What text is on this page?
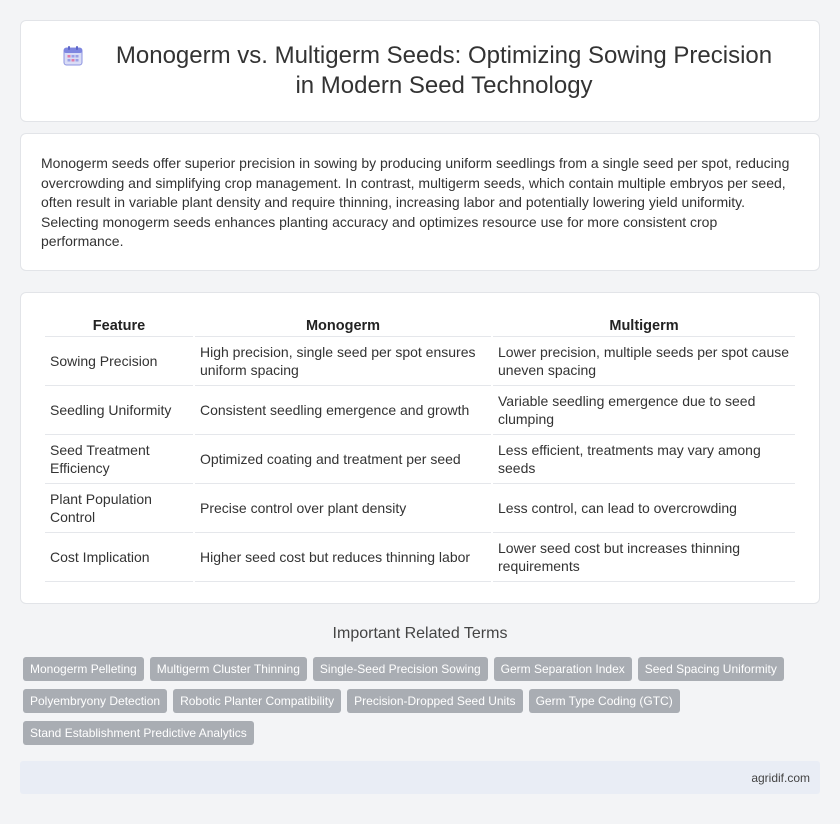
Monogerm vs. Multigerm Seeds: Optimizing Sowing Precision in Modern Seed Technology

Monogerm seeds offer superior precision in sowing by producing uniform seedlings from a single seed per spot, reducing overcrowding and simplifying crop management. In contrast, multigerm seeds, which contain multiple embryos per seed, often result in variable plant density and require thinning, increasing labor and potentially lowering yield uniformity. Selecting monogerm seeds enhances planting accuracy and optimizes resource use for more consistent crop performance.

Feature	Monogerm	Multigerm
Sowing Precision	High precision, single seed per spot ensures uniform spacing	Lower precision, multiple seeds per spot cause uneven spacing
Seedling Uniformity	Consistent seedling emergence and growth	Variable seedling emergence due to seed clumping
Seed Treatment Efficiency	Optimized coating and treatment per seed	Less efficient, treatments may vary among seeds
Plant Population Control	Precise control over plant density	Less control, can lead to overcrowding
Cost Implication	Higher seed cost but reduces thinning labor	Lower seed cost but increases thinning requirements
Important Related Terms
Monogerm Pelleting	Multigerm Cluster Thinning	Single-Seed Precision Sowing	Germ Separation Index	Seed Spacing Uniformity
Polyembryony Detection	Robotic Planter Compatibility	Precision-Dropped Seed Units	Germ Type Coding (GTC)
Stand Establishment Predictive Analytics
agridif.com
